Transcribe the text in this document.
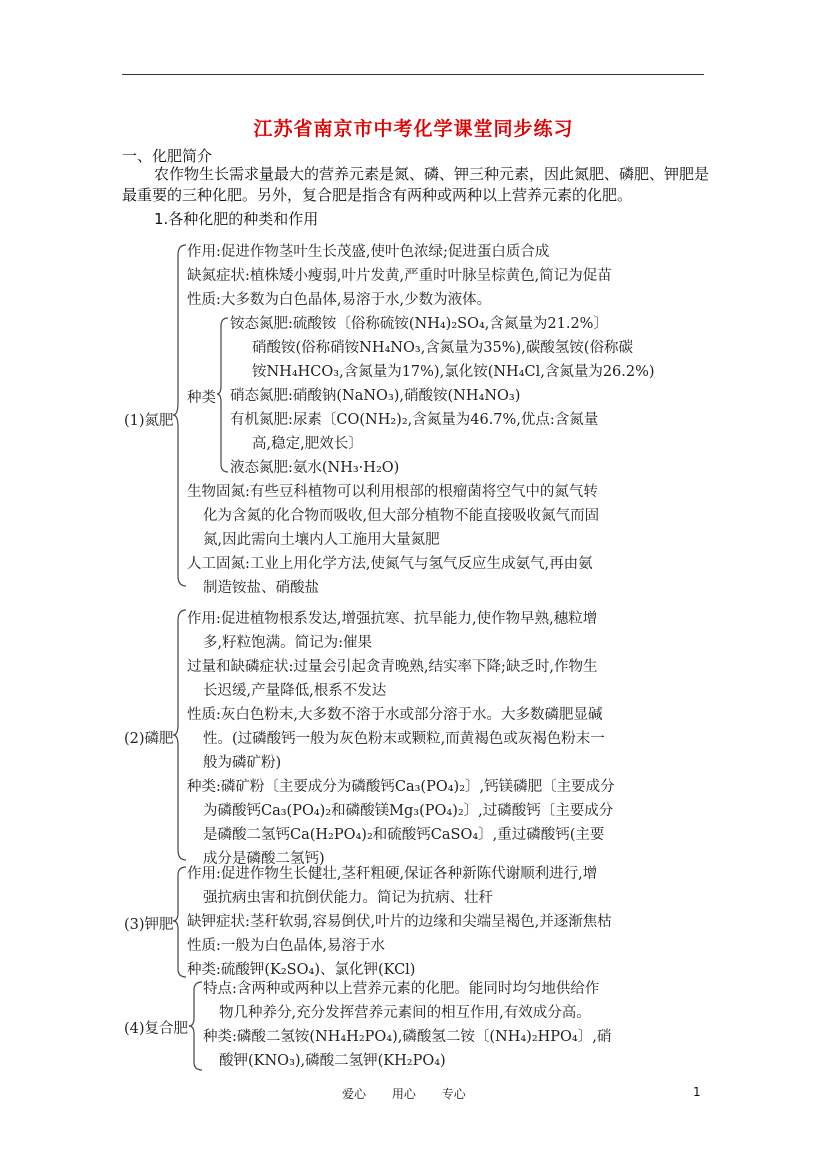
江苏省南京市中考化学课堂同步练习
一、化肥简介
农作物生长需求量最大的营养元素是氮、磷、钾三种元素，因此氮肥、磷肥、钾肥是最重要的三种化肥。另外，复合肥是指含有两种或两种以上营养元素的化肥。
1.各种化肥的种类和作用
(1)氮肥
作用:促进作物茎叶生长茂盛,使叶色浓绿;促进蛋白质合成
缺氮症状:植株矮小瘦弱,叶片发黄,严重时叶脉呈棕黄色,简记为促苗
性质:大多数为白色晶体,易溶于水,少数为液体。
种类
铵态氮肥:硫酸铵〔俗称硫铵(NH₄)₂SO₄,含氮量为21.2%〕
硝酸铵(俗称硝铵NH₄NO₃,含氮量为35%),碳酸氢铵(俗称碳
铵NH₄HCO₃,含氮量为17%),氯化铵(NH₄Cl,含氮量为26.2%)
硝态氮肥:硝酸钠(NaNO₃),硝酸铵(NH₄NO₃)
有机氮肥:尿素〔CO(NH₂)₂,含氮量为46.7%,优点:含氮量
高,稳定,肥效长〕
液态氮肥:氨水(NH₃·H₂O)
生物固氮:有些豆科植物可以利用根部的根瘤菌将空气中的氮气转
化为含氮的化合物而吸收,但大部分植物不能直接吸收氮气而固
氮,因此需向土壤内人工施用大量氮肥
人工固氮:工业上用化学方法,使氮气与氢气反应生成氨气,再由氨
制造铵盐、硝酸盐
(2)磷肥
作用:促进植物根系发达,增强抗寒、抗旱能力,使作物早熟,穗粒增
多,籽粒饱满。简记为:催果
过量和缺磷症状:过量会引起贪青晚熟,结实率下降;缺乏时,作物生
长迟缓,产量降低,根系不发达
性质:灰白色粉末,大多数不溶于水或部分溶于水。大多数磷肥显碱
性。(过磷酸钙一般为灰色粉末或颗粒,而黄褐色或灰褐色粉末一
般为磷矿粉)
种类:磷矿粉〔主要成分为磷酸钙Ca₃(PO₄)₂〕,钙镁磷肥〔主要成分
为磷酸钙Ca₃(PO₄)₂和磷酸镁Mg₃(PO₄)₂〕,过磷酸钙〔主要成分
是磷酸二氢钙Ca(H₂PO₄)₂和硫酸钙CaSO₄〕,重过磷酸钙(主要
成分是磷酸二氢钙)
(3)钾肥
作用:促进作物生长健壮,茎秆粗硬,保证各种新陈代谢顺利进行,增
强抗病虫害和抗倒伏能力。简记为抗病、壮秆
缺钾症状:茎秆软弱,容易倒伏,叶片的边缘和尖端呈褐色,并逐渐焦枯
性质:一般为白色晶体,易溶于水
种类:硫酸钾(K₂SO₄)、氯化钾(KCl)
(4)复合肥
特点:含两种或两种以上营养元素的化肥。能同时均匀地供给作
物几种养分,充分发挥营养元素间的相互作用,有效成分高。
种类:磷酸二氢铵(NH₄H₂PO₄),磷酸氢二铵〔(NH₄)₂HPO₄〕,硝
酸钾(KNO₃),磷酸二氢钾(KH₂PO₄)
爱心 用心 专心	1
